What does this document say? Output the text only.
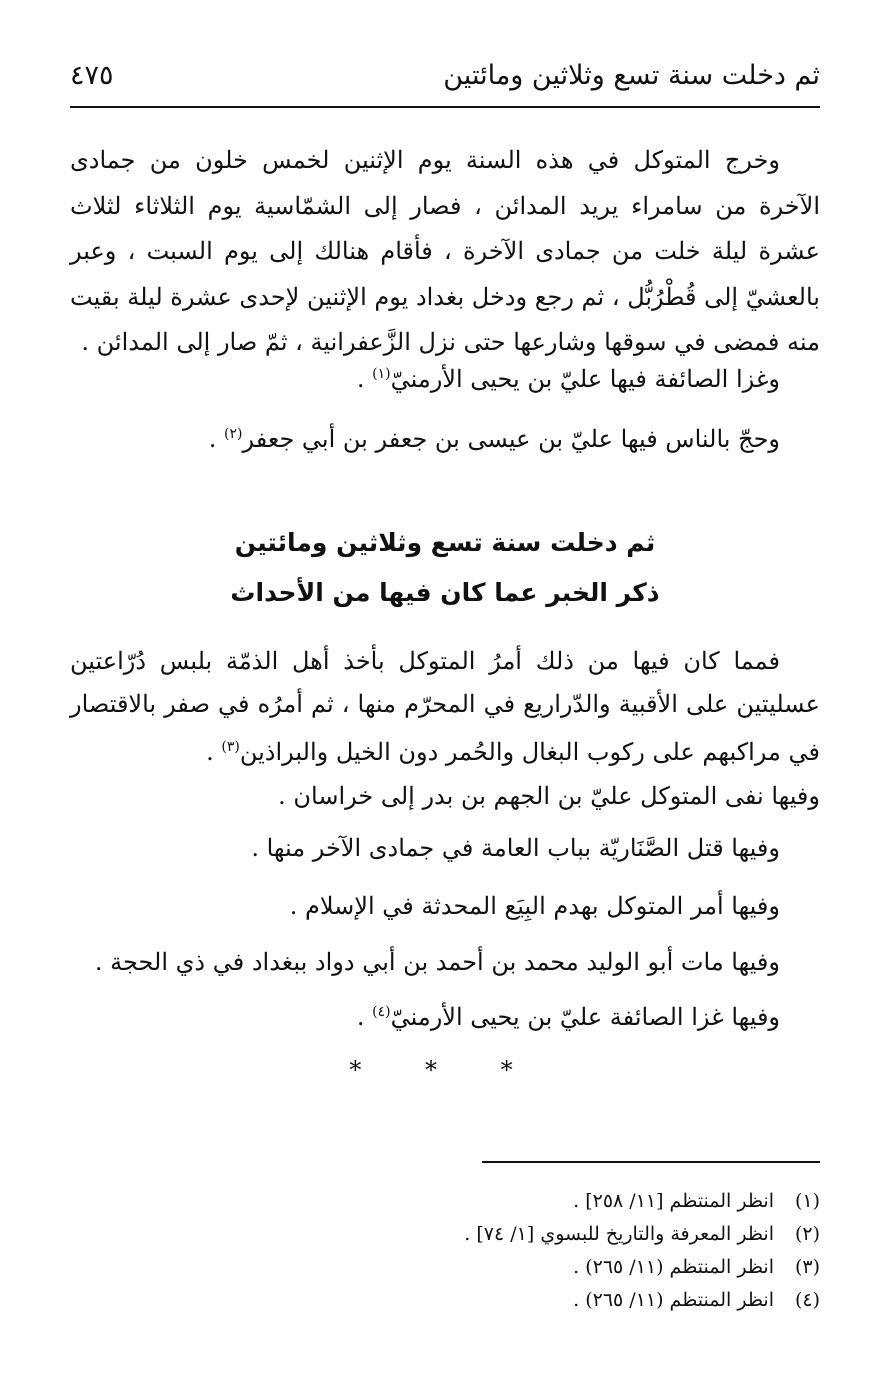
٤٧٥	ثم دخلت سنة تسع وثلاثين ومائتين
وخرج المتوكل في هذه السنة يوم الإثنين لخمس خلون من جمادى الآخرة من سامراء يريد المدائن ، فصار إلى الشمّاسية يوم الثلاثاء لثلاث عشرة ليلة خلت من جمادى الآخرة ، فأقام هنالك إلى يوم السبت ، وعبر بالعشيّ إلى قُطْرُبُّل ، ثم رجع ودخل بغداد يوم الإثنين لإحدى عشرة ليلة بقيت منه فمضى في سوقها وشارعها حتى نزل الزَّعفرانية ، ثمّ صار إلى المدائن .
وغزا الصائفة فيها عليّ بن يحيى الأرمنيّ$^{(١)}$ .
وحجّ بالناس فيها عليّ بن عيسى بن جعفر بن أبي جعفر$^{(٢)}$ .
ثم دخلت سنة تسع وثلاثين ومائتين
ذكر الخبر عما كان فيها من الأحداث
فمما كان فيها من ذلك أمرُ المتوكل بأخذ أهل الذمّة بلبس دُرّاعتين عسليتين على الأقبية والدّراريع في المحرّم منها ، ثم أمرُه في صفر بالاقتصار في مراكبهم على ركوب البغال والحُمر دون الخيل والبراذين$^{(٣)}$ .
وفيها نفى المتوكل عليّ بن الجهم بن بدر إلى خراسان .
وفيها قتل الصَّنَاريّة بباب العامة في جمادى الآخر منها .
وفيها أمر المتوكل بهدم البِيَع المحدثة في الإسلام .
وفيها مات أبو الوليد محمد بن أحمد بن أبي دواد ببغداد في ذي الحجة .
وفيها غزا الصائفة عليّ بن يحيى الأرمنيّ$^{(٤)}$ .
* * *
(١)انظر المنتظم [١١/ ٢٥٨] .
(٢)انظر المعرفة والتاريخ للبسوي [١/ ٧٤] .
(٣)انظر المنتظم (١١/ ٢٦٥) .
(٤)انظر المنتظم (١١/ ٢٦٥) .
